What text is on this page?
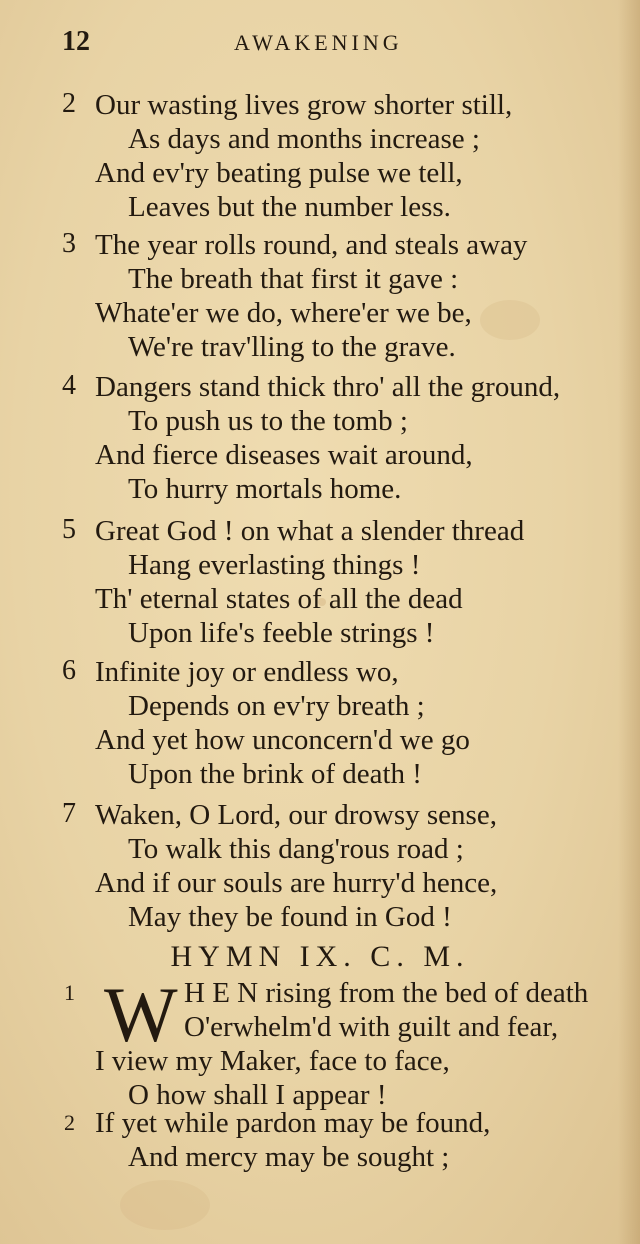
12	AWAKENING
2 Our wasting lives grow shorter still,
As days and months increase ;
And ev'ry beating pulse we tell,
Leaves but the number less.
3 The year rolls round, and steals away
The breath that first it gave :
Whate'er we do, where'er we be,
We're trav'lling to the grave.
4 Dangers stand thick thro' all the ground,
To push us to the tomb ;
And fierce diseases wait around,
To hurry mortals home.
5 Great God ! on what a slender thread
Hang everlasting things !
Th' eternal states of all the dead
Upon life's feeble strings !
6 Infinite joy or endless wo,
Depends on ev'ry breath ;
And yet how unconcern'd we go
Upon the brink of death !
7 Waken, O Lord, our drowsy sense,
To walk this dang'rous road ;
And if our souls are hurry'd hence,
May they be found in God !
HYMN IX. C. M.
1 W H E N rising from the bed of death
O'erwhelm'd with guilt and fear,
I view my Maker, face to face,
O how shall I appear !
2 If yet while pardon may be found,
And mercy may be sought ;
